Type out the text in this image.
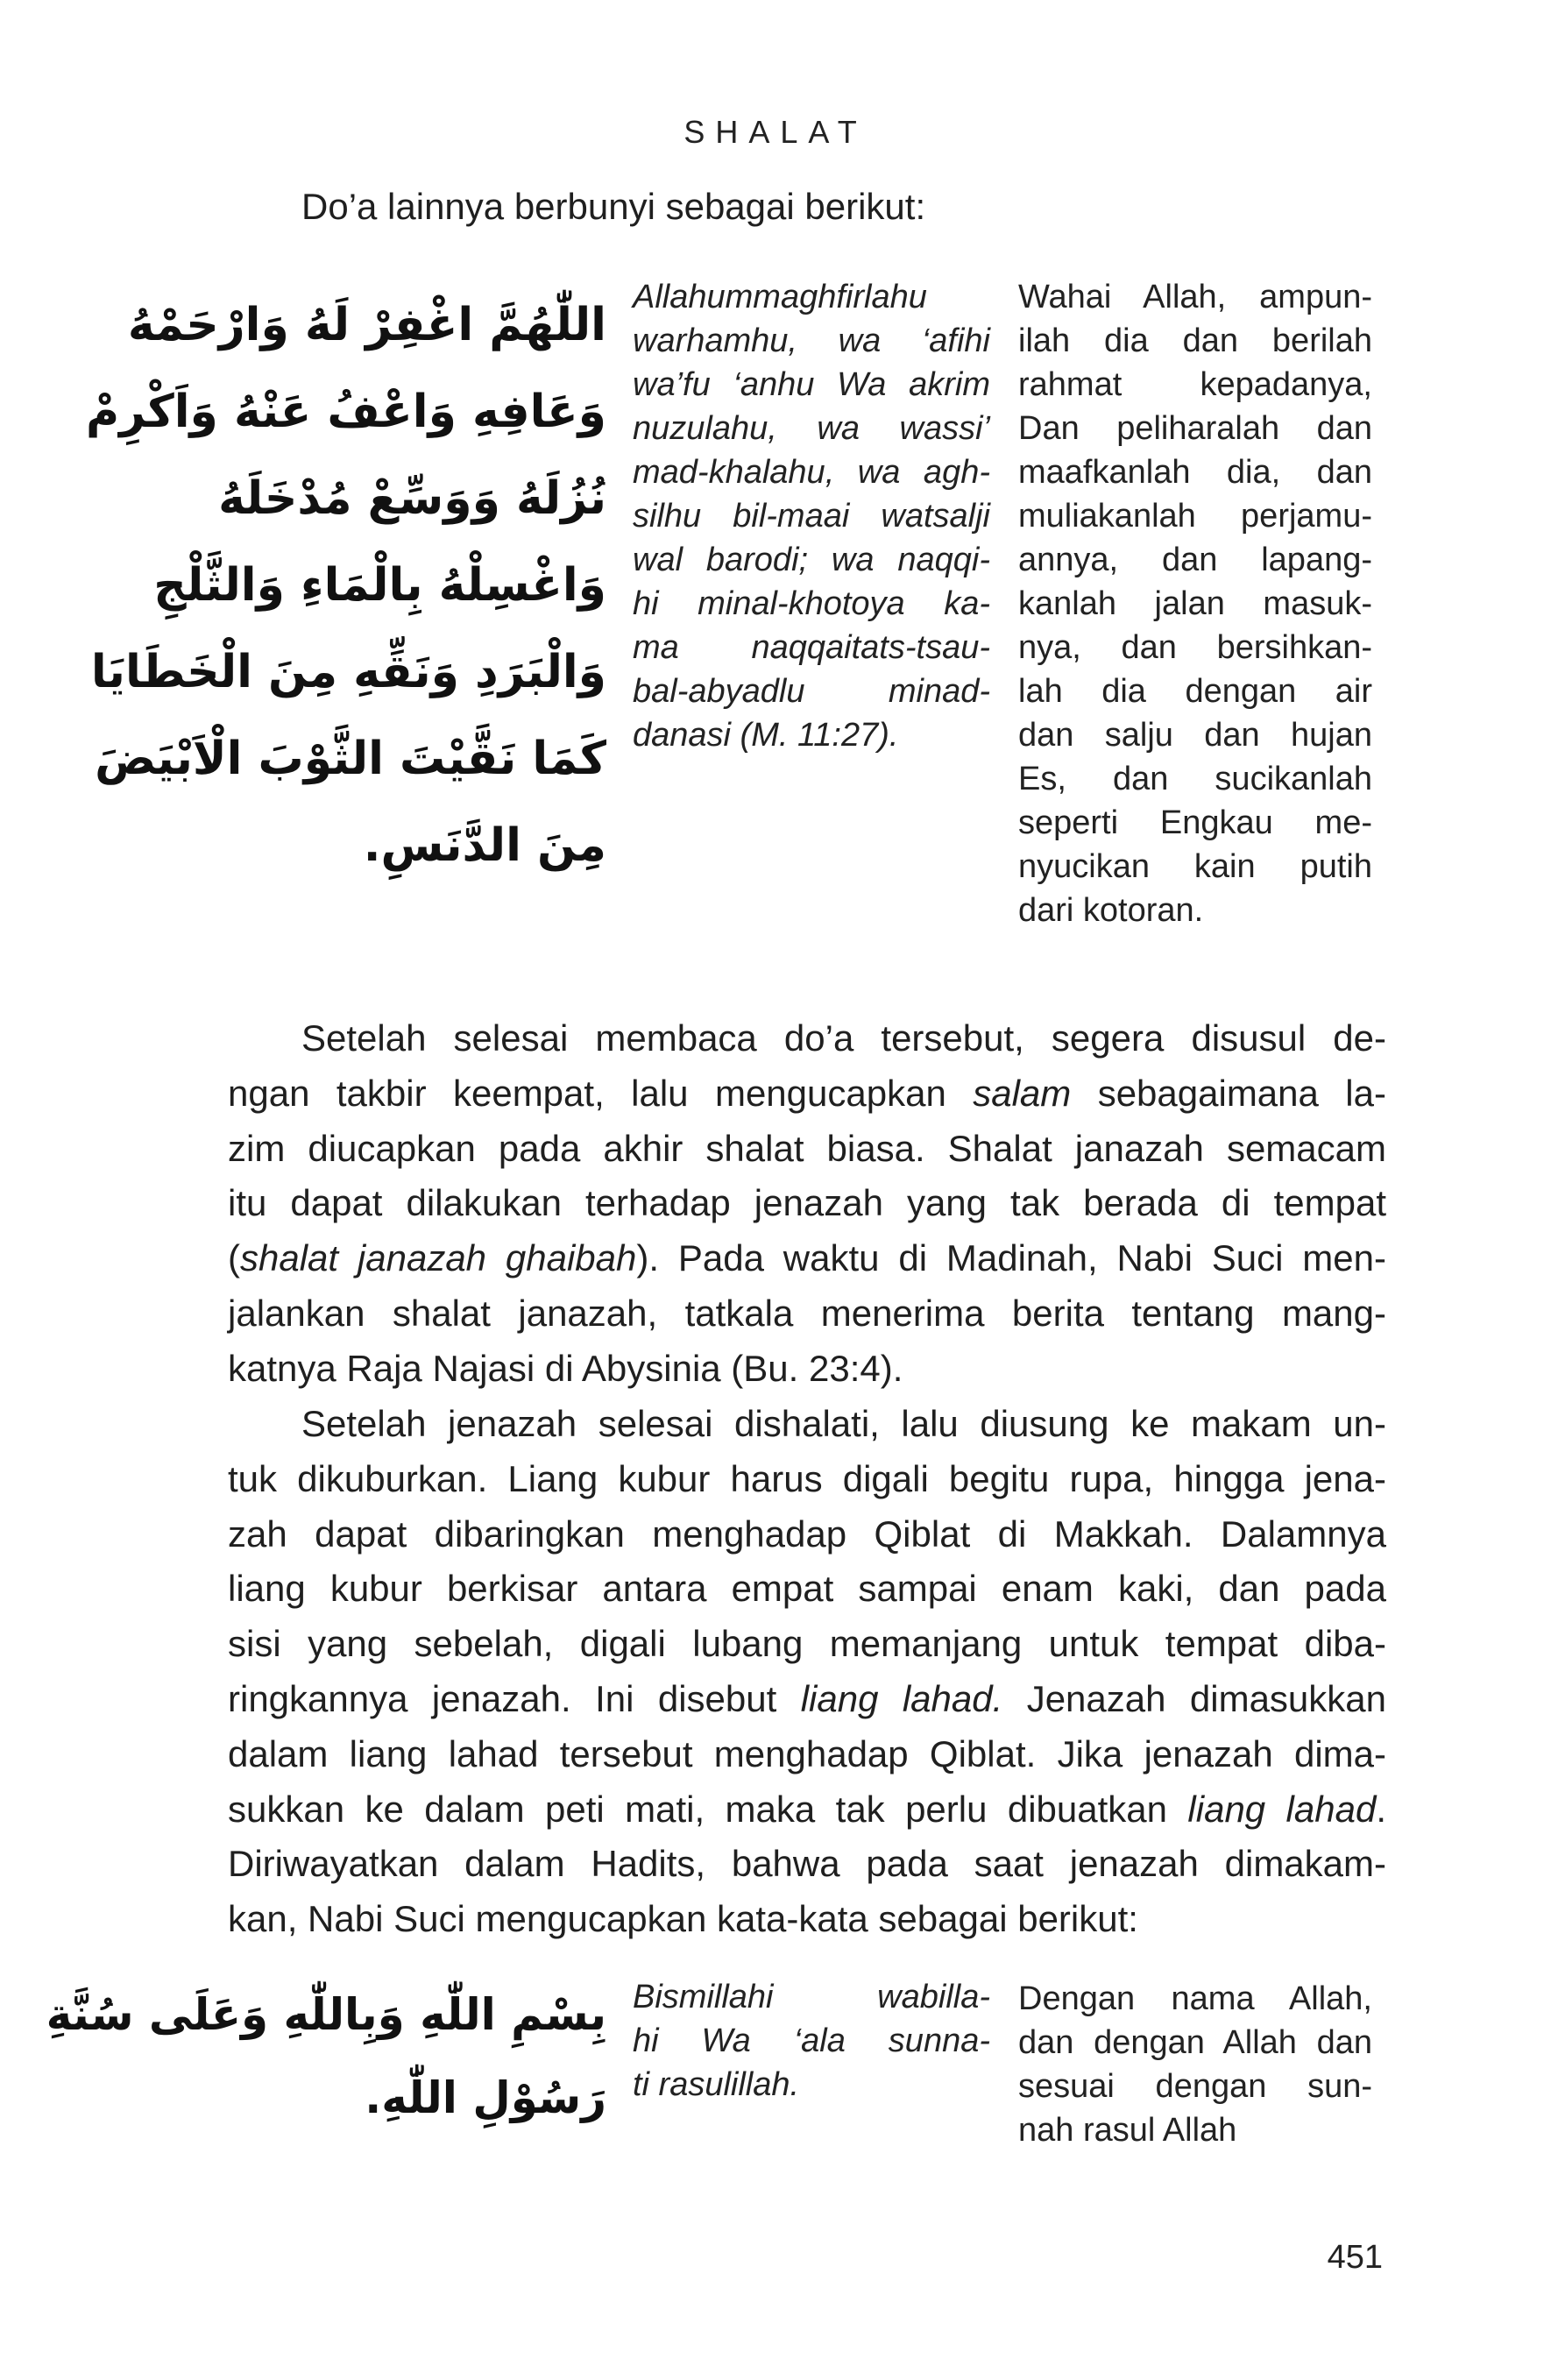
SHALAT
Do’a lainnya berbunyi sebagai berikut:
اللّٰهُمَّ اغْفِرْ لَهُ وَارْحَمْهُ
وَعَافِهِ وَاعْفُ عَنْهُ وَاَكْرِمْ
نُزُلَهُ وَوَسِّعْ مُدْخَلَهُ
وَاغْسِلْهُ بِالْمَاءِ وَالثَّلْجِ
وَالْبَرَدِ وَنَقِّهِ مِنَ الْخَطَايَا
كَمَا نَقَّيْتَ الثَّوْبَ الْاَبْيَضَ
مِنَ الدَّنَسِ.
Allahummaghfirlahu
warhamhu, wa ‘afihi
wa’fu ‘anhu Wa akrim
nuzulahu, wa wassi’
mad-khalahu, wa agh-
silhu bil-maai watsalji
wal barodi; wa naqqi-
hi minal-khotoya ka-
ma naqqaitats-tsau-
bal-abyadlu minad-
danasi (M. 11:27).
Wahai Allah, ampun-
ilah dia dan berilah
rahmat kepadanya,
Dan peliharalah dan
maafkanlah dia, dan
muliakanlah perjamu-
annya, dan lapang-
kanlah jalan masuk-
nya, dan bersihkan-
lah dia dengan air
dan salju dan hujan
Es, dan sucikanlah
seperti Engkau me-
nyucikan kain putih
dari kotoran.
Setelah selesai membaca do’a tersebut, segera disusul de-
ngan takbir keempat, lalu mengucapkan salam sebagaimana la-
zim diucapkan pada akhir shalat biasa. Shalat janazah semacam
itu dapat dilakukan terhadap jenazah yang tak berada di tempat
(shalat janazah ghaibah). Pada waktu di Madinah, Nabi Suci men-
jalankan shalat janazah, tatkala menerima berita tentang mang-
katnya Raja Najasi di Abysinia (Bu. 23:4).
Setelah jenazah selesai dishalati, lalu diusung ke makam un-
tuk dikuburkan. Liang kubur harus digali begitu rupa, hingga jena-
zah dapat dibaringkan menghadap Qiblat di Makkah. Dalamnya
liang kubur berkisar antara empat sampai enam kaki, dan pada
sisi yang sebelah, digali lubang memanjang untuk tempat diba-
ringkannya jenazah. Ini disebut liang lahad. Jenazah dimasukkan
dalam liang lahad tersebut menghadap Qiblat. Jika jenazah dima-
sukkan ke dalam peti mati, maka tak perlu dibuatkan liang lahad.
Diriwayatkan dalam Hadits, bahwa pada saat jenazah dimakam-
kan, Nabi Suci mengucapkan kata-kata sebagai berikut:
بِسْمِ اللّٰهِ وَبِاللّٰهِ وَعَلَى سُنَّةِ
رَسُوْلِ اللّٰهِ.
Bismillahi wabilla-
hi Wa ‘ala sunna-
ti rasulillah.
Dengan nama Allah,
dan dengan Allah dan
sesuai dengan sun-
nah rasul Allah
451
